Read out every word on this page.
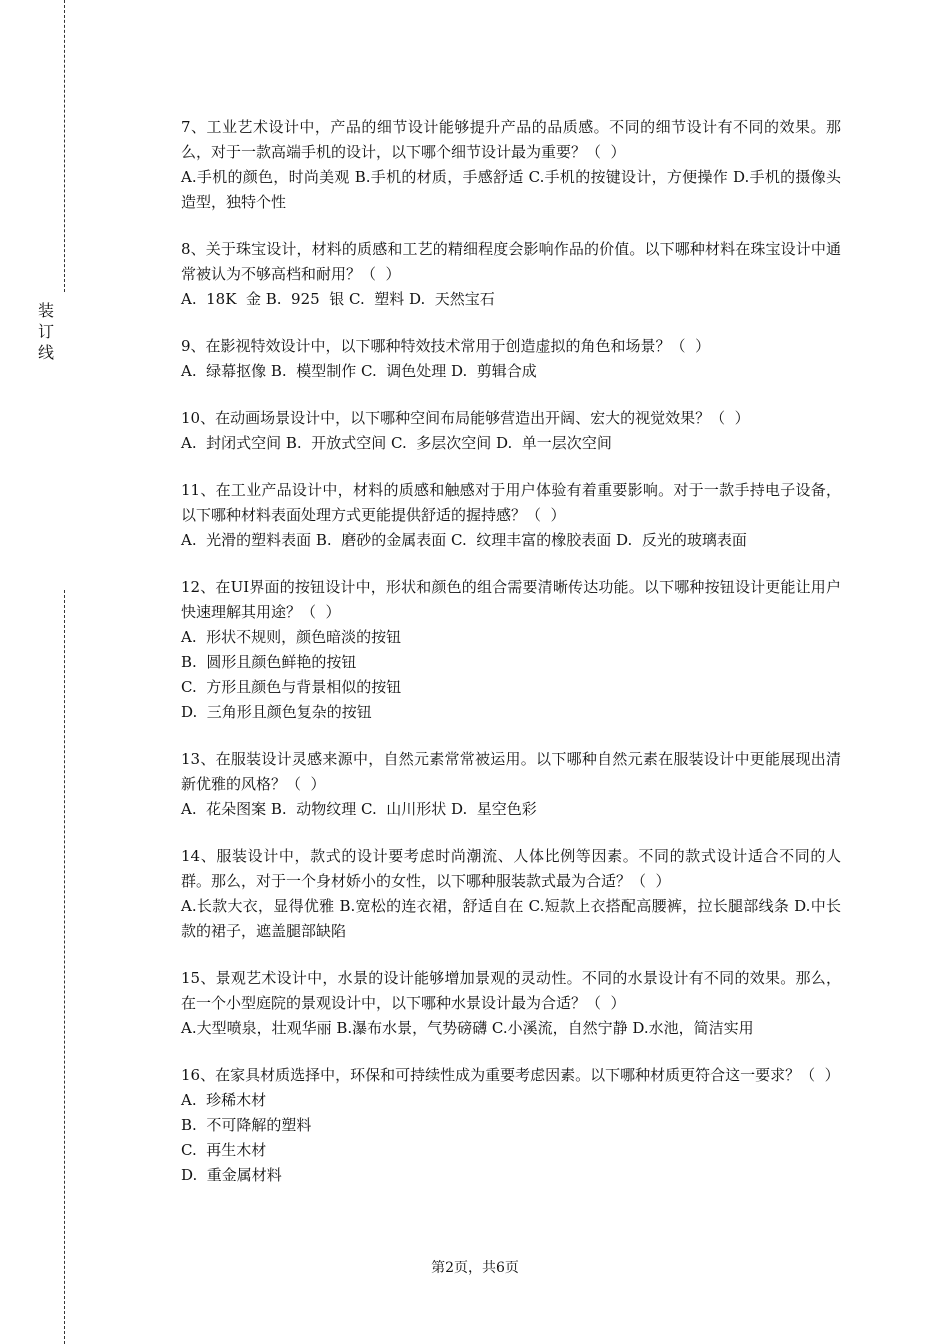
装
订
线

7、工业艺术设计中，产品的细节设计能够提升产品的品质感。不同的细节设计有不同的效果。那么，对于一款高端手机的设计，以下哪个细节设计最为重要？（  ）

A.手机的颜色，时尚美观 B.手机的材质，手感舒适 C.手机的按键设计，方便操作 D.手机的摄像头造型，独特个性

8、关于珠宝设计，材料的质感和工艺的精细程度会影响作品的价值。以下哪种材料在珠宝设计中通常被认为不够高档和耐用？（  ）

A.  18K  金 B.  925  银 C.  塑料 D.  天然宝石

9、在影视特效设计中，以下哪种特效技术常用于创造虚拟的角色和场景？（  ）

A.  绿幕抠像 B.  模型制作 C.  调色处理 D.  剪辑合成

10、在动画场景设计中，以下哪种空间布局能够营造出开阔、宏大的视觉效果？（  ）

A.  封闭式空间 B.  开放式空间 C.  多层次空间 D.  单一层次空间

11、在工业产品设计中，材料的质感和触感对于用户体验有着重要影响。对于一款手持电子设备，以下哪种材料表面处理方式更能提供舒适的握持感？（  ）

A.  光滑的塑料表面 B.  磨砂的金属表面 C.  纹理丰富的橡胶表面 D.  反光的玻璃表面

12、在UI界面的按钮设计中，形状和颜色的组合需要清晰传达功能。以下哪种按钮设计更能让用户快速理解其用途？（  ）

A.  形状不规则，颜色暗淡的按钮

B.  圆形且颜色鲜艳的按钮

C.  方形且颜色与背景相似的按钮

D.  三角形且颜色复杂的按钮

13、在服装设计灵感来源中，自然元素常常被运用。以下哪种自然元素在服装设计中更能展现出清新优雅的风格？（  ）

A.  花朵图案 B.  动物纹理 C.  山川形状 D.  星空色彩

14、服装设计中，款式的设计要考虑时尚潮流、人体比例等因素。不同的款式设计适合不同的人群。那么，对于一个身材娇小的女性，以下哪种服装款式最为合适？（  ）

A.长款大衣，显得优雅 B.宽松的连衣裙，舒适自在 C.短款上衣搭配高腰裤，拉长腿部线条 D.中长款的裙子，遮盖腿部缺陷

15、景观艺术设计中，水景的设计能够增加景观的灵动性。不同的水景设计有不同的效果。那么，在一个小型庭院的景观设计中，以下哪种水景设计最为合适？（  ）

A.大型喷泉，壮观华丽 B.瀑布水景，气势磅礴 C.小溪流，自然宁静 D.水池，简洁实用

16、在家具材质选择中，环保和可持续性成为重要考虑因素。以下哪种材质更符合这一要求？（  ）

A.  珍稀木材

B.  不可降解的塑料

C.  再生木材

D.  重金属材料

第2页，共6页
